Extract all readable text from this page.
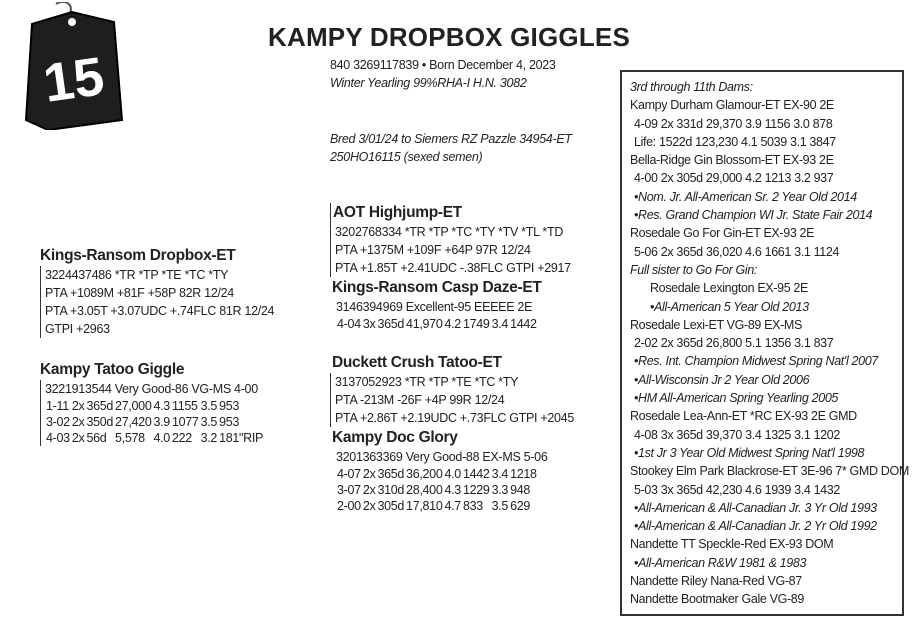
15
KAMPY DROPBOX GIGGLES
840 3269117839 • Born December 4, 2023
Winter Yearling 99%RHA-I H.N. 3082
Bred 3/01/24 to Siemers RZ Pazzle 34954-ET
250HO16115 (sexed semen)
Kings-Ransom Dropbox-ET
3224437486 *TR *TP *TE *TC *TY
PTA +1089M +81F +58P 82R 12/24
PTA +3.05T +3.07UDC +.74FLC 81R 12/24
GTPI +2963
Kampy Tatoo Giggle
3221913544 Very Good-86 VG-MS 4-00
1-11	2x	365d	27,000	4.3	1155	3.5	953
3-02	2x	350d	27,420	3.9	1077	3.5	953
4-03	2x	56d	5,578	4.0	222	3.2	181"RIP
AOT Highjump-ET
3202768334 *TR *TP *TC *TY *TV *TL *TD
PTA +1375M +109F +64P 97R 12/24
PTA +1.85T +2.41UDC -.38FLC GTPI +2917
Kings-Ransom Casp Daze-ET
3146394969 Excellent-95 EEEEE 2E
4-04	3x	365d	41,970	4.2	1749	3.4	1442
Duckett Crush Tatoo-ET
3137052923 *TR *TP *TE *TC *TY
PTA -213M -26F +4P 99R 12/24
PTA +2.86T +2.19UDC +.73FLC GTPI +2045
Kampy Doc Glory
3201363369 Very Good-88 EX-MS 5-06
4-07	2x	365d	36,200	4.0	1442	3.4	1218
3-07	2x	310d	28,400	4.3	1229	3.3	948
2-00	2x	305d	17,810	4.7	833	3.5	629
3rd through 11th Dams:
Kampy Durham Glamour-ET EX-90 2E
4-09 2x 331d 29,370 3.9 1156 3.0 878
Life: 1522d 123,230 4.1 5039 3.1 3847
Bella-Ridge Gin Blossom-ET EX-93 2E
4-00 2x 305d 29,000 4.2 1213 3.2 937
•Nom. Jr. All-American Sr. 2 Year Old 2014
•Res. Grand Champion WI Jr. State Fair 2014
Rosedale Go For Gin-ET EX-93 2E
5-06 2x 365d 36,020 4.6 1661 3.1 1124
Full sister to Go For Gin:
Rosedale Lexington EX-95 2E
•All-American 5 Year Old 2013
Rosedale Lexi-ET VG-89 EX-MS
2-02 2x 365d 26,800 5.1 1356 3.1 837
•Res. Int. Champion Midwest Spring Nat'l 2007
•All-Wisconsin Jr 2 Year Old 2006
•HM All-American Spring Yearling 2005
Rosedale Lea-Ann-ET *RC EX-93 2E GMD
4-08 3x 365d 39,370 3.4 1325 3.1 1202
•1st Jr 3 Year Old Midwest Spring Nat'l 1998
Stookey Elm Park Blackrose-ET 3E-96 7* GMD DOM
5-03 3x 365d 42,230 4.6 1939 3.4 1432
•All-American & All-Canadian Jr. 3 Yr Old 1993
•All-American & All-Canadian Jr. 2 Yr Old 1992
Nandette TT Speckle-Red EX-93 DOM
•All-American R&W 1981 & 1983
Nandette Riley Nana-Red VG-87
Nandette Bootmaker Gale VG-89
